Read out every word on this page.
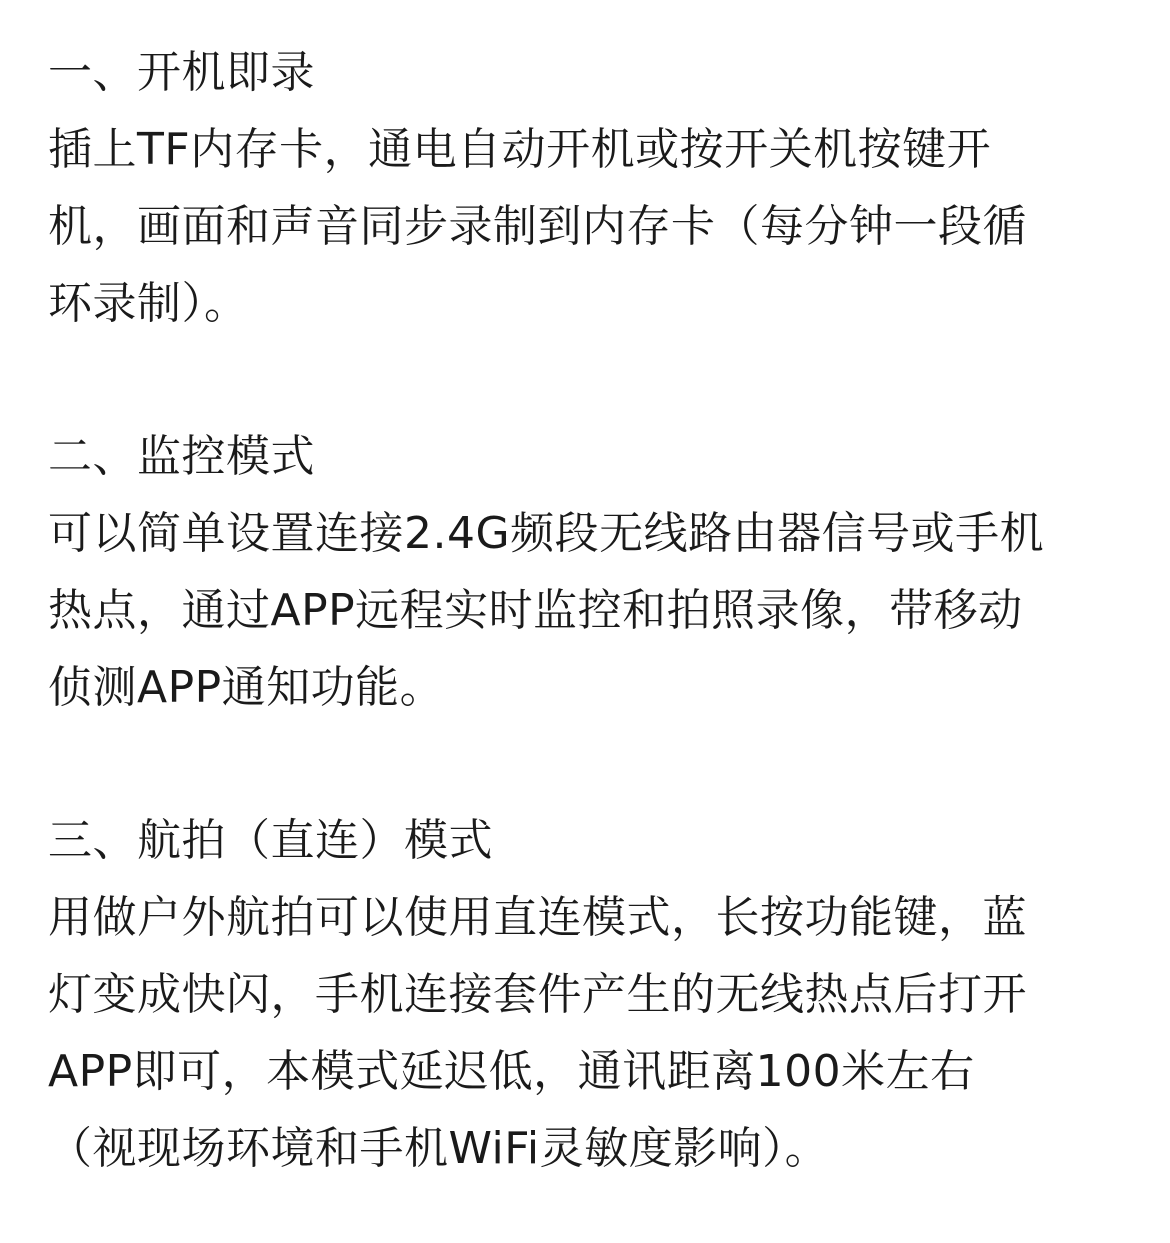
一、开机即录
插上TF内存卡，通电自动开机或按开关机按键开
机，画面和声音同步录制到内存卡（每分钟一段循
环录制）。
二、监控模式
可以简单设置连接2.4G频段无线路由器信号或手机
热点，通过APP远程实时监控和拍照录像，带移动
侦测APP通知功能。
三、航拍（直连）模式
用做户外航拍可以使用直连模式，长按功能键，蓝
灯变成快闪，手机连接套件产生的无线热点后打开
APP即可，本模式延迟低，通讯距离100米左右
（视现场环境和手机WiFi灵敏度影响）。
